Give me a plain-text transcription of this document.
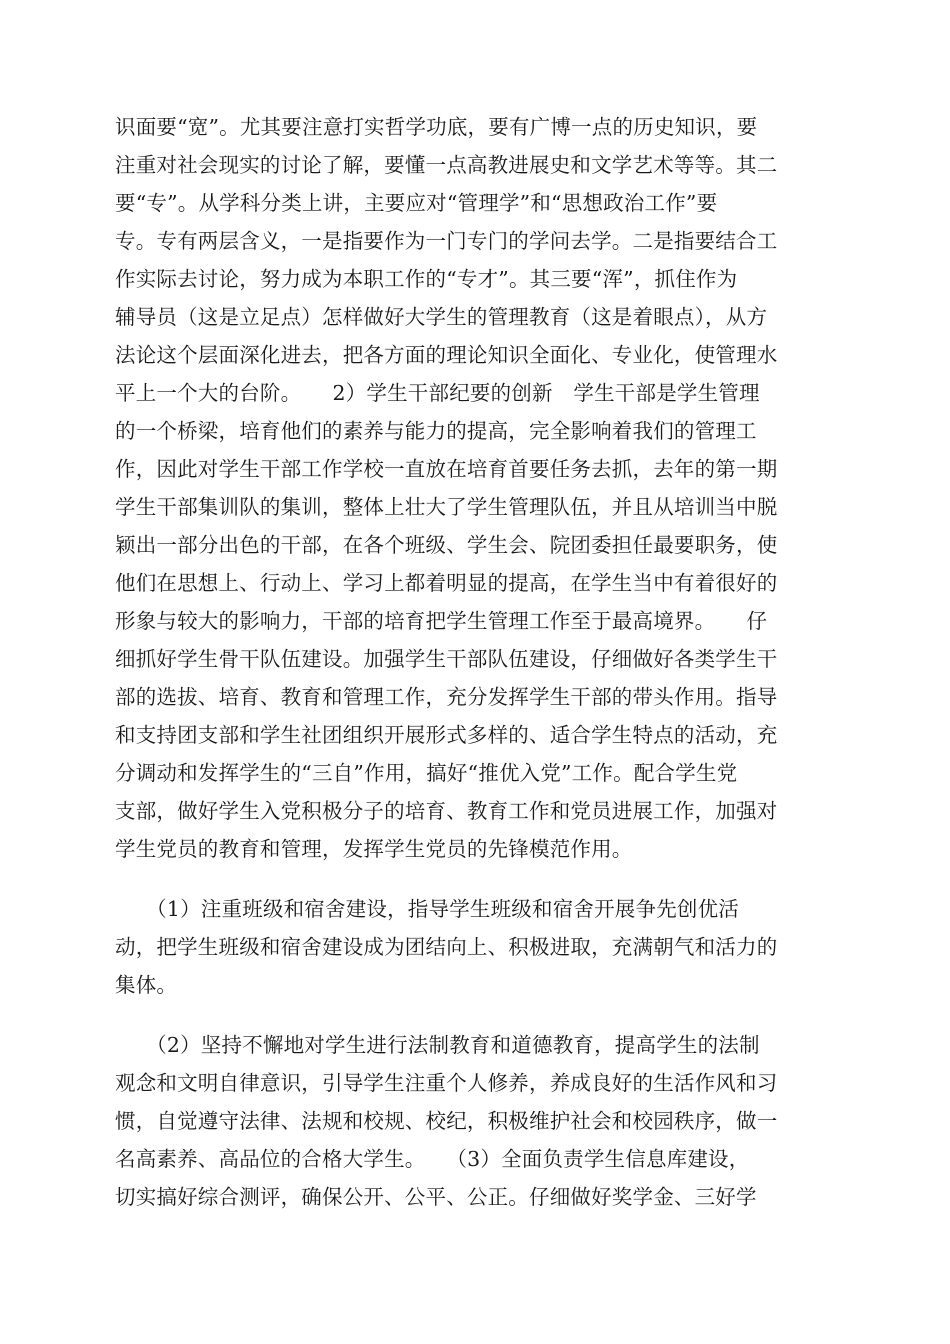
识面要“宽”。尤其要注意打实哲学功底，要有广博一点的历史知识，要
注重对社会现实的讨论了解，要懂一点高教进展史和文学艺术等等。其二
要“专”。从学科分类上讲，主要应对“管理学”和“思想政治工作”要
专。专有两层含义，一是指要作为一门专门的学问去学。二是指要结合工
作实际去讨论，努力成为本职工作的“专才”。其三要“浑”，抓住作为
辅导员（这是立足点）怎样做好大学生的管理教育（这是着眼点），从方
法论这个层面深化进去，把各方面的理论知识全面化、专业化，使管理水
平上一个大的台阶。　　2）学生干部纪要的创新　学生干部是学生管理
的一个桥梁，培育他们的素养与能力的提高，完全影响着我们的管理工
作，因此对学生干部工作学校一直放在培育首要任务去抓，去年的第一期
学生干部集训队的集训，整体上壮大了学生管理队伍，并且从培训当中脱
颖出一部分出色的干部，在各个班级、学生会、院团委担任最要职务，使
他们在思想上、行动上、学习上都着明显的提高，在学生当中有着很好的
形象与较大的影响力，干部的培育把学生管理工作至于最高境界。　　仔
细抓好学生骨干队伍建设。加强学生干部队伍建设，仔细做好各类学生干
部的选拔、培育、教育和管理工作，充分发挥学生干部的带头作用。指导
和支持团支部和学生社团组织开展形式多样的、适合学生特点的活动，充
分调动和发挥学生的“三自”作用，搞好“推优入党”工作。配合学生党
支部，做好学生入党积极分子的培育、教育工作和党员进展工作，加强对
学生党员的教育和管理，发挥学生党员的先锋模范作用。
　　（1）注重班级和宿舍建设，指导学生班级和宿舍开展争先创优活
动，把学生班级和宿舍建设成为团结向上、积极进取，充满朝气和活力的
集体。
　　（2）坚持不懈地对学生进行法制教育和道德教育，提高学生的法制
观念和文明自律意识，引导学生注重个人修养，养成良好的生活作风和习
惯，自觉遵守法律、法规和校规、校纪，积极维护社会和校园秩序，做一
名高素养、高品位的合格大学生。　　（3）全面负责学生信息库建设，
切实搞好综合测评，确保公开、公平、公正。仔细做好奖学金、三好学
